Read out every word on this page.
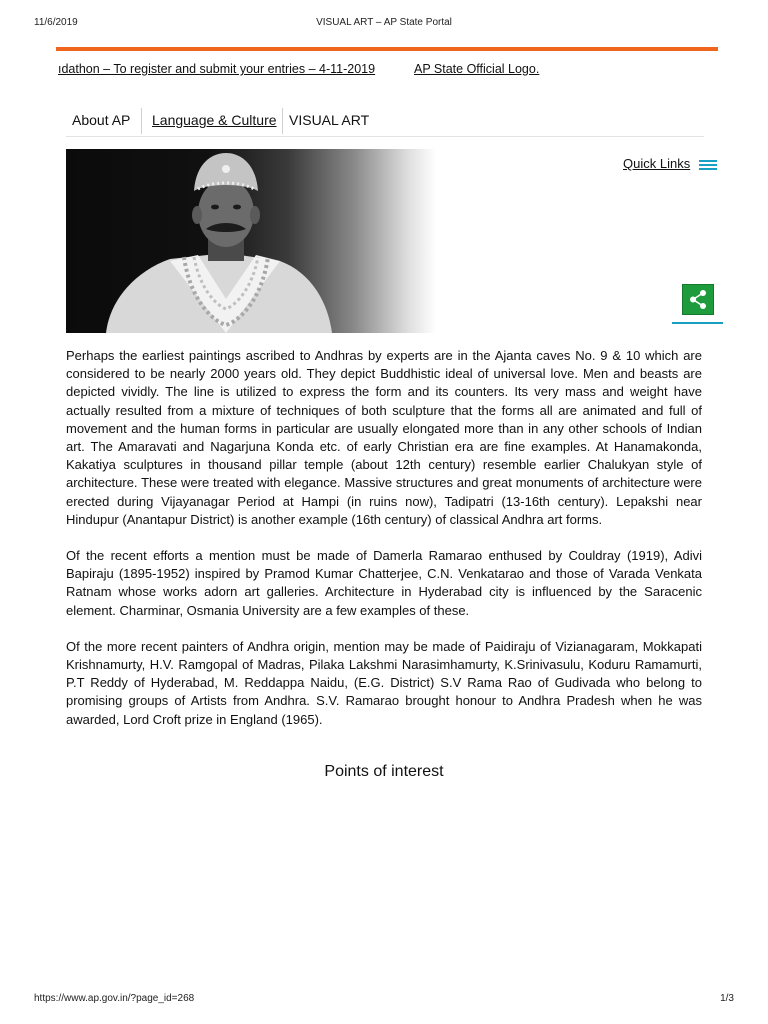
11/6/2019	VISUAL ART – AP State Portal
ıdathon – To register and submit your entries – 4-11-2019	AP State Official Logo.
About AP	Language & Culture VISUAL ART
Quick Links

Perhaps the earliest paintings ascribed to Andhras by experts are in the Ajanta caves No. 9 & 10 which are considered to be nearly 2000 years old. They depict Buddhistic ideal of universal love. Men and beasts are depicted vividly. The line is utilized to express the form and its counters. Its very mass and weight have actually resulted from a mixture of techniques of both sculpture that the forms all are animated and full of movement and the human forms in particular are usually elongated more than in any other schools of Indian art. The Amaravati and Nagarjuna Konda etc. of early Christian era are fine examples. At Hanamakonda, Kakatiya sculptures in thousand pillar temple (about 12th century) resemble earlier Chalukyan style of architecture. These were treated with elegance. Massive structures and great monuments of architecture were erected during Vijayanagar Period at Hampi (in ruins now), Tadipatri (13-16th century). Lepakshi near Hindupur (Anantapur District) is another example (16th century) of classical Andhra art forms.

Of the recent efforts a mention must be made of Damerla Ramarao enthused by Couldray (1919), Adivi Bapiraju (1895-1952) inspired by Pramod Kumar Chatterjee, C.N. Venkatarao and those of Varada Venkata Ratnam whose works adorn art galleries. Architecture in Hyderabad city is influenced by the Saracenic element. Charminar, Osmania University are a few examples of these.

Of the more recent painters of Andhra origin, mention may be made of Paidiraju of Vizianagaram, Mokkapati Krishnamurty, H.V. Ramgopal of Madras, Pilaka Lakshmi Narasimhamurty, K.Srinivasulu, Koduru Ramamurti, P.T Reddy of Hyderabad, M. Reddappa Naidu, (E.G. District) S.V Rama Rao of Gudivada who belong to promising groups of Artists from Andhra. S.V. Ramarao brought honour to Andhra Pradesh when he was awarded, Lord Croft prize in England (1965).

Points of interest
https://www.ap.gov.in/?page_id=268	1/3
